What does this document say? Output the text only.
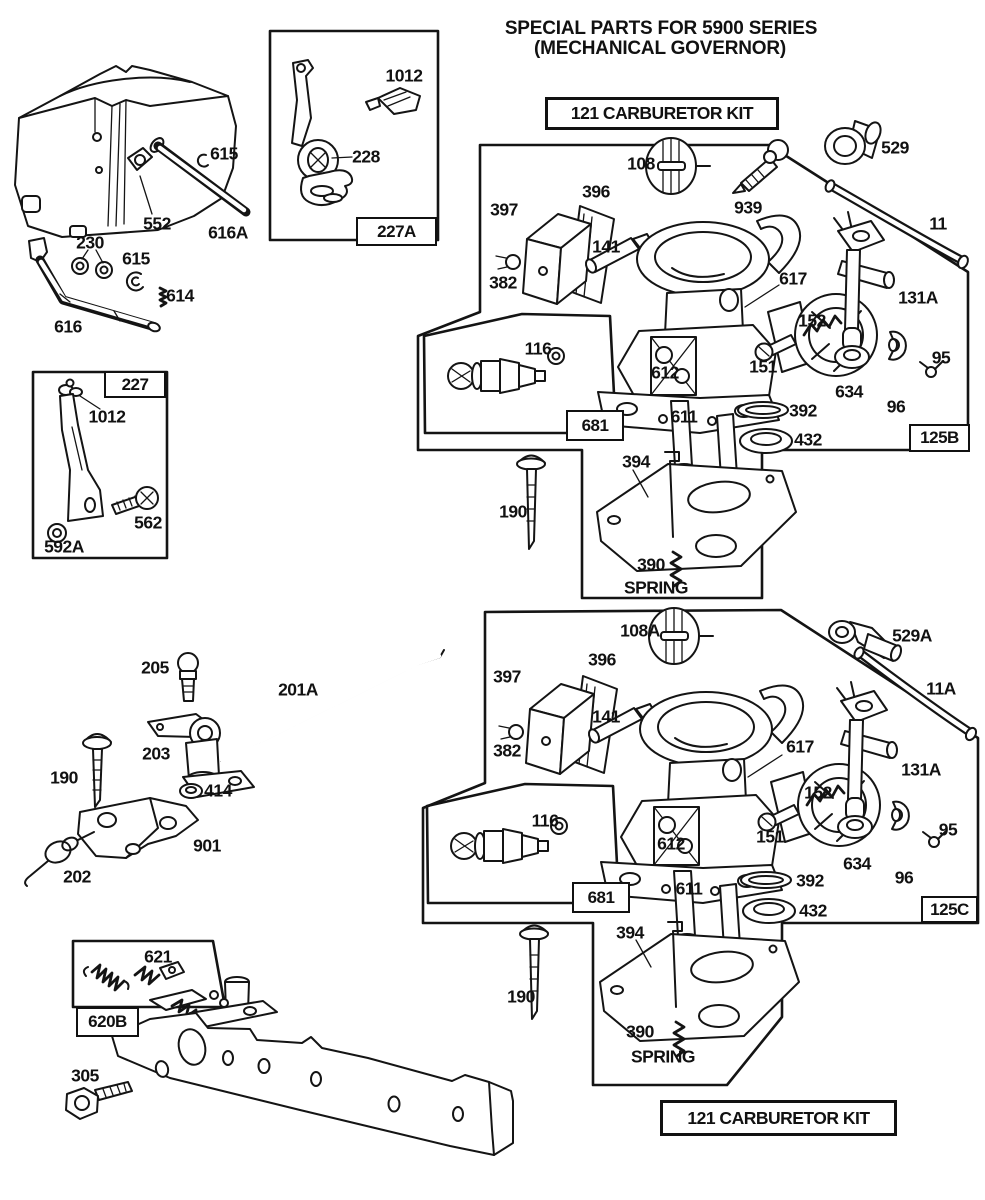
SPECIAL PARTS FOR 5900 SERIES
(MECHANICAL GOVERNOR)
121 CARBURETOR KIT
121 CARBURETOR KIT
227A
227
681
125B
681
125C
620B
615
552 616A
1012
228
230
615
614
616
1012
562
592A
108
396
397	939
529
141
382
11
617
131A
152
151	95
634
96
612
611	392
432
116
394
190
390
SPRING
108A
396
397
529A
11A
141
382	617
131A
152
151	95
634
96
612
611	392
432
116
394
190
390
SPRING
205
201A
203
190
414
901
202
621
305
